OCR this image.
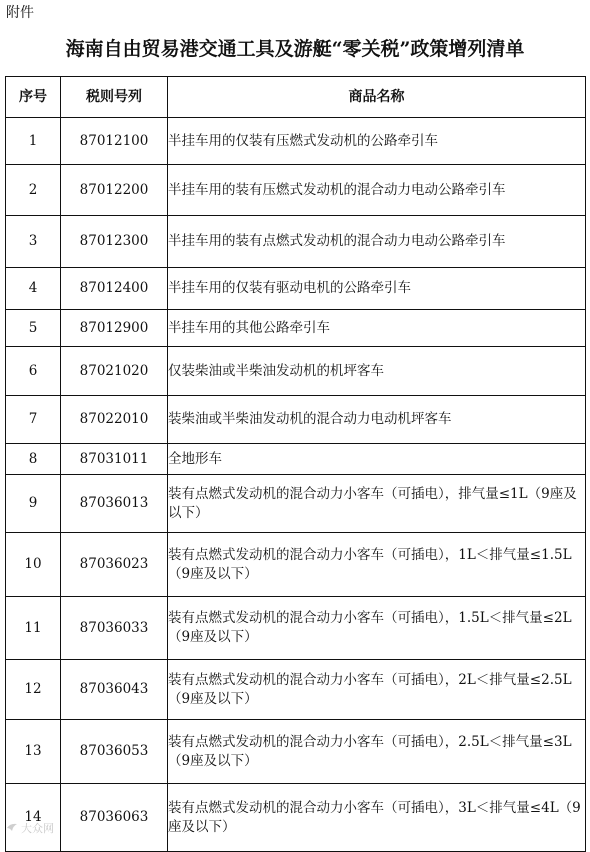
附件
海南自由贸易港交通工具及游艇“零关税”政策增列清单
序号	税则号列	商品名称
1	87012100	半挂车用的仅装有压燃式发动机的公路牵引车
2	87012200	半挂车用的装有压燃式发动机的混合动力电动公路牵引车
3	87012300	半挂车用的装有点燃式发动机的混合动力电动公路牵引车
4	87012400	半挂车用的仅装有驱动电机的公路牵引车
5	87012900	半挂车用的其他公路牵引车
6	87021020	仅装柴油或半柴油发动机的机坪客车
7	87022010	装柴油或半柴油发动机的混合动力电动机坪客车
8	87031011	全地形车
9	87036013	装有点燃式发动机的混合动力小客车（可插电），排气量≤1L（9座及以下）
10	87036023	装有点燃式发动机的混合动力小客车（可插电），1L＜排气量≤1.5L（9座及以下）
11	87036033	装有点燃式发动机的混合动力小客车（可插电），1.5L＜排气量≤2L（9座及以下）
12	87036043	装有点燃式发动机的混合动力小客车（可插电），2L＜排气量≤2.5L（9座及以下）
13	87036053	装有点燃式发动机的混合动力小客车（可插电），2.5L＜排气量≤3L（9座及以下）
14	87036063	装有点燃式发动机的混合动力小客车（可插电），3L＜排气量≤4L（9座及以下）
大众网
